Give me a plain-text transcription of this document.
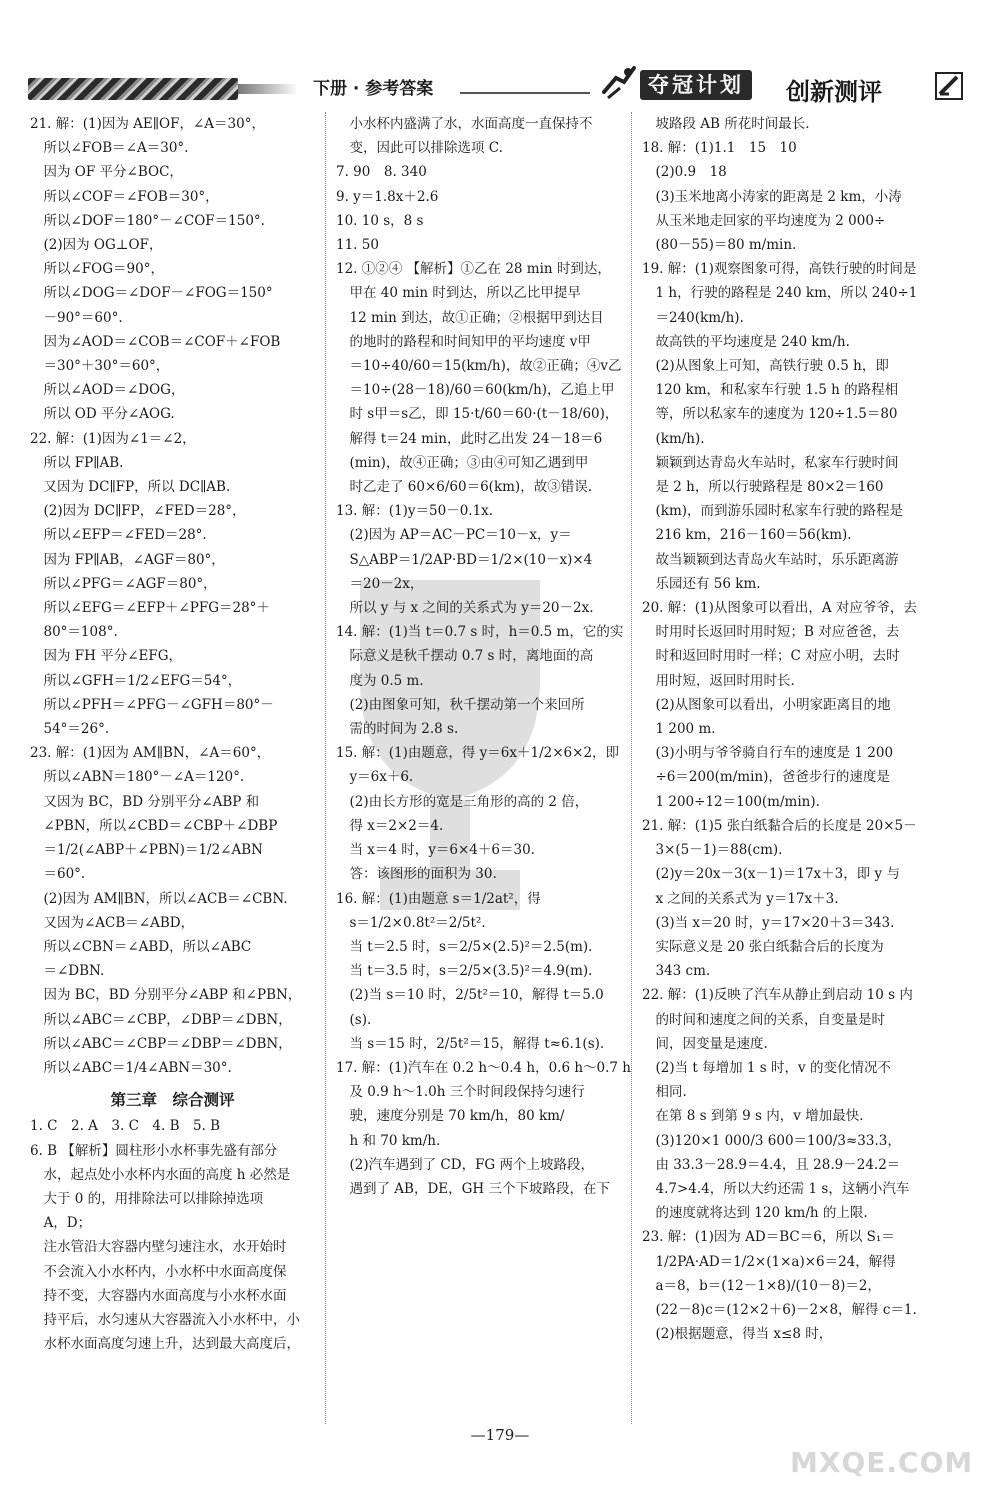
下册 · 参考答案	夺冠计划	创新测评

21. 解：(1)因为 AE∥OF，∠A＝30°，

　所以∠FOB＝∠A＝30°.

　因为 OF 平分∠BOC，

　所以∠COF＝∠FOB＝30°，

　所以∠DOF＝180°－∠COF＝150°.

　(2)因为 OG⊥OF，

　所以∠FOG＝90°，

　所以∠DOG＝∠DOF－∠FOG＝150°

　－90°＝60°.

　因为∠AOD＝∠COB＝∠COF＋∠FOB

　＝30°＋30°＝60°，

　所以∠AOD＝∠DOG，

　所以 OD 平分∠AOG.

22. 解：(1)因为∠1＝∠2，

　所以 FP∥AB.

　又因为 DC∥FP，所以 DC∥AB.

　(2)因为 DC∥FP，∠FED＝28°，

　所以∠EFP＝∠FED＝28°.

　因为 FP∥AB，∠AGF＝80°，

　所以∠PFG＝∠AGF＝80°，

　所以∠EFG＝∠EFP＋∠PFG＝28°＋

　80°＝108°.

　因为 FH 平分∠EFG，

　所以∠GFH＝1/2∠EFG＝54°，

　所以∠PFH＝∠PFG－∠GFH＝80°－

　54°＝26°.

23. 解：(1)因为 AM∥BN，∠A＝60°，

　所以∠ABN＝180°－∠A＝120°.

　又因为 BC，BD 分别平分∠ABP 和

　∠PBN，所以∠CBD＝∠CBP＋∠DBP

　＝1/2(∠ABP＋∠PBN)＝1/2∠ABN

　＝60°.

　(2)因为 AM∥BN，所以∠ACB＝∠CBN.

　又因为∠ACB＝∠ABD，

　所以∠CBN＝∠ABD，所以∠ABC

　＝∠DBN.

　因为 BC，BD 分别平分∠ABP 和∠PBN，

　所以∠ABC＝∠CBP，∠DBP＝∠DBN，

　所以∠ABC＝∠CBP＝∠DBP＝∠DBN，

　所以∠ABC＝1/4∠ABN＝30°.

第三章　综合测评

1. C　2. A　3. C　4. B　5. B

6. B 【解析】圆柱形小水杯事先盛有部分

　水，起点处小水杯内水面的高度 h 必然是

　大于 0 的，用排除法可以排除掉选项

　A，D；

　注水管沿大容器内壁匀速注水，水开始时

　不会流入小水杯内，小水杯中水面高度保

　持不变，大容器内水面高度与小水杯水面

　持平后，水匀速从大容器流入小水杯中，小

　水杯水面高度匀速上升，达到最大高度后，

　小水杯内盛满了水，水面高度一直保持不

　变，因此可以排除选项 C.

7. 90　8. 340

9. y＝1.8x＋2.6

10. 10 s，8 s

11. 50

12. ①②④ 【解析】①乙在 28 min 时到达，

　甲在 40 min 时到达，所以乙比甲提早

　12 min 到达，故①正确；②根据甲到达目

　的地时的路程和时间知甲的平均速度 v甲

　＝10÷40/60＝15(km/h)，故②正确；④v乙

　＝10÷(28－18)/60＝60(km/h)，乙追上甲

　时 s甲＝s乙，即 15·t/60＝60·(t－18/60)，

　解得 t＝24 min，此时乙出发 24－18＝6

　(min)，故④正确；③由④可知乙遇到甲

　时乙走了 60×6/60＝6(km)，故③错误.

13. 解：(1)y＝50－0.1x.

　(2)因为 AP＝AC－PC＝10－x，y＝

　S△ABP＝1/2AP·BD＝1/2×(10－x)×4

　＝20－2x，

　所以 y 与 x 之间的关系式为 y＝20－2x.

14. 解：(1)当 t＝0.7 s 时，h＝0.5 m，它的实

　际意义是秋千摆动 0.7 s 时，离地面的高

　度为 0.5 m.

　(2)由图象可知，秋千摆动第一个来回所

　需的时间为 2.8 s.

15. 解：(1)由题意，得 y＝6x＋1/2×6×2，即

　y＝6x＋6.

　(2)由长方形的宽是三角形的高的 2 倍，

　得 x＝2×2＝4.

　当 x＝4 时，y＝6×4＋6＝30.

　答：该图形的面积为 30.

16. 解：(1)由题意 s＝1/2at²，得

　s＝1/2×0.8t²＝2/5t².

　当 t＝2.5 时，s＝2/5×(2.5)²＝2.5(m).

　当 t＝3.5 时，s＝2/5×(3.5)²＝4.9(m).

　(2)当 s＝10 时，2/5t²＝10，解得 t＝5.0

　(s).

　当 s＝15 时，2/5t²＝15，解得 t≈6.1(s).

17. 解：(1)汽车在 0.2 h～0.4 h，0.6 h～0.7 h

　及 0.9 h～1.0h 三个时间段保持匀速行

　驶，速度分别是 70 km/h，80 km/

　h 和 70 km/h.

　(2)汽车遇到了 CD，FG 两个上坡路段，

　遇到了 AB，DE，GH 三个下坡路段，在下

　坡路段 AB 所花时间最长.

18. 解：(1)1.1　15　10

　(2)0.9　18

　(3)玉米地离小涛家的距离是 2 km，小涛

　从玉米地走回家的平均速度为 2 000÷

　(80－55)＝80 m/min.

19. 解：(1)观察图象可得，高铁行驶的时间是

　1 h，行驶的路程是 240 km，所以 240÷1

　＝240(km/h).

　故高铁的平均速度是 240 km/h.

　(2)从图象上可知，高铁行驶 0.5 h，即

　120 km，和私家车行驶 1.5 h 的路程相

　等，所以私家车的速度为 120÷1.5＝80

　(km/h).

　颖颖到达青岛火车站时，私家车行驶时间

　是 2 h，所以行驶路程是 80×2＝160

　(km)，而到游乐园时私家车行驶的路程是

　216 km，216－160＝56(km).

　故当颖颖到达青岛火车站时，乐乐距离游

　乐园还有 56 km.

20. 解：(1)从图象可以看出，A 对应爷爷，去

　时用时长返回时用时短；B 对应爸爸，去

　时和返回时用时一样；C 对应小明，去时

　用时短，返回时用时长.

　(2)从图象可以看出，小明家距离目的地

　1 200 m.

　(3)小明与爷爷骑自行车的速度是 1 200

　÷6＝200(m/min)，爸爸步行的速度是

　1 200÷12＝100(m/min).

21. 解：(1)5 张白纸黏合后的长度是 20×5－

　3×(5－1)＝88(cm).

　(2)y＝20x－3(x－1)＝17x＋3，即 y 与

　x 之间的关系式为 y＝17x＋3.

　(3)当 x＝20 时，y＝17×20＋3＝343.

　实际意义是 20 张白纸黏合后的长度为

　343 cm.

22. 解：(1)反映了汽车从静止到启动 10 s 内

　的时间和速度之间的关系，自变量是时

　间，因变量是速度.

　(2)当 t 每增加 1 s 时，v 的变化情况不

　相同.

　在第 8 s 到第 9 s 内，v 增加最快.

　(3)120×1 000/3 600＝100/3≈33.3，

　由 33.3－28.9＝4.4，且 28.9－24.2＝

　4.7>4.4，所以大约还需 1 s，这辆小汽车

　的速度就将达到 120 km/h 的上限.

23. 解：(1)因为 AD＝BC＝6，所以 S₁＝

　1/2PA·AD＝1/2×(1×a)×6＝24，解得

　a＝8，b＝(12－1×8)/(10－8)＝2，

　(22－8)c＝(12×2＋6)－2×8，解得 c＝1.

　(2)根据题意，得当 x≤8 时，

—179—
MXQE.COM
